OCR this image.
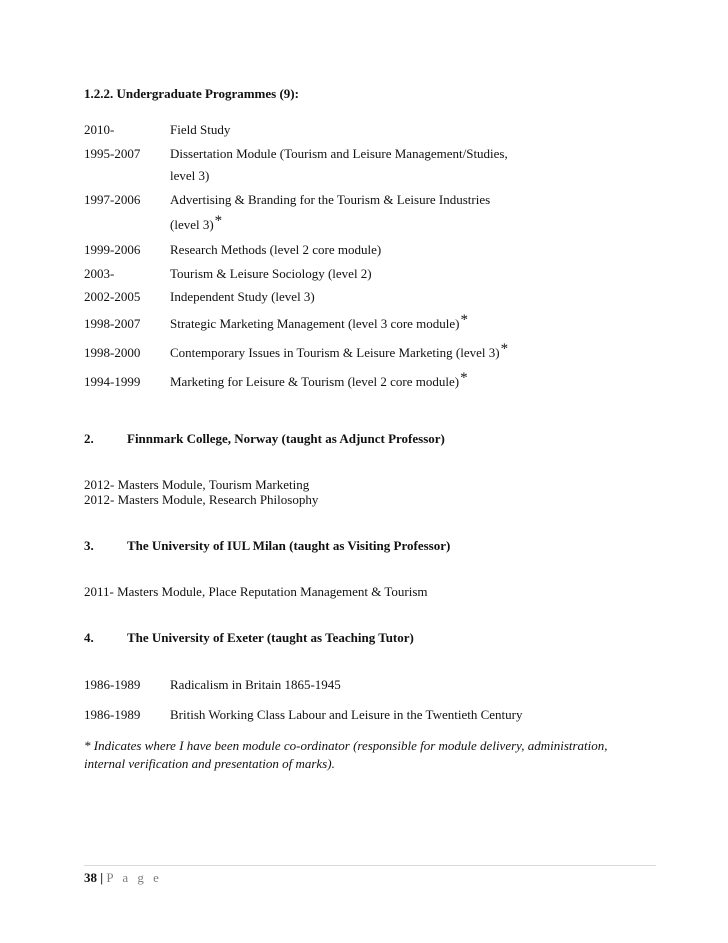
1.2.2. Undergraduate Programmes (9):
2010-	Field Study
1995-2007 Dissertation Module (Tourism and Leisure Management/Studies,
level 3)
1997-2006 Advertising & Branding for the Tourism & Leisure Industries
(level 3)*
1999-2006 Research Methods (level 2 core module)
2003-	Tourism & Leisure Sociology (level 2)
2002-2005 Independent Study (level 3)
1998-2007 Strategic Marketing Management (level 3 core module)*
1998-2000 Contemporary Issues in Tourism & Leisure Marketing (level 3)*
1994-1999 Marketing for Leisure & Tourism (level 2 core module)*
2.	Finnmark College, Norway (taught as Adjunct Professor)
2012- Masters Module, Tourism Marketing
2012- Masters Module, Research Philosophy
3.	The University of IUL Milan (taught as Visiting Professor)
2011- Masters Module, Place Reputation Management & Tourism
4.	The University of Exeter (taught as Teaching Tutor)
1986-1989 Radicalism in Britain 1865-1945
1986-1989 British Working Class Labour and Leisure in the Twentieth Century
* Indicates where I have been module co-ordinator (responsible for module delivery, administration, internal verification and presentation of marks).
38 | P a g e
